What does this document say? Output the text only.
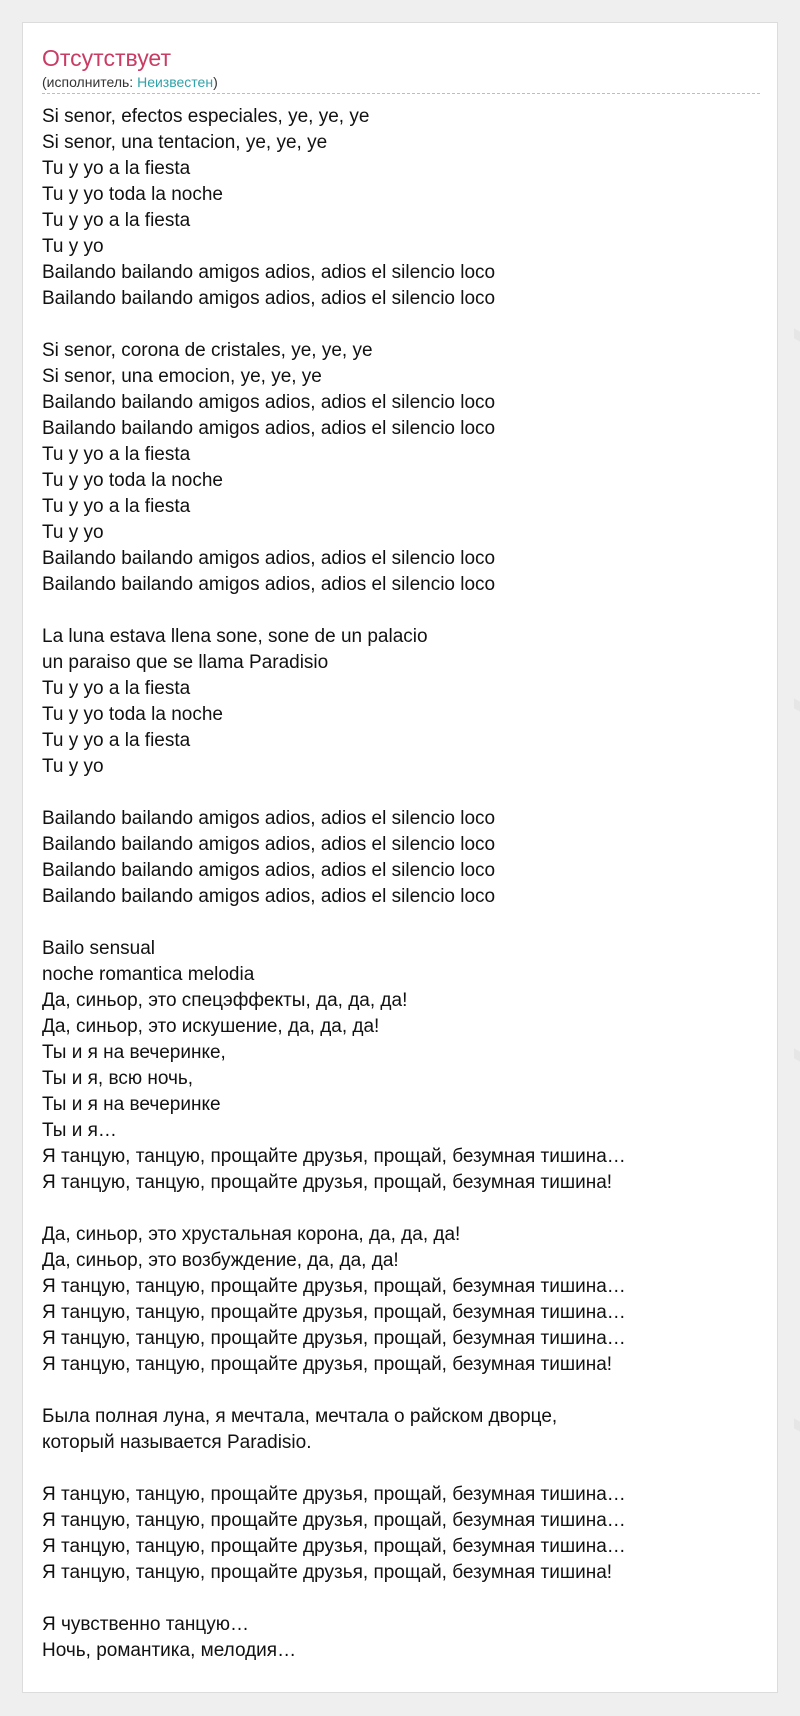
Отсутствует
(исполнитель: Неизвестен)
Si senor, efectos especiales, ye, ye, ye
Si senor, una tentacion, ye, ye, ye
Tu y yo a la fiesta
Tu y yo toda la noche
Tu y yo a la fiesta
Tu y yo
Bailando bailando amigos adios, adios el silencio loco
Bailando bailando amigos adios, adios el silencio loco
Si senor, corona de cristales, ye, ye, ye
Si senor, una emocion, ye, ye, ye
Bailando bailando amigos adios, adios el silencio loco
Bailando bailando amigos adios, adios el silencio loco
Tu y yo a la fiesta
Tu y yo toda la noche
Tu y yo a la fiesta
Tu y yo
Bailando bailando amigos adios, adios el silencio loco
Bailando bailando amigos adios, adios el silencio loco
La luna estava llena sone, sone de un palacio
un paraiso que se llama Paradisio
Tu y yo a la fiesta
Tu y yo toda la noche
Tu y yo a la fiesta
Tu y yo
Bailando bailando amigos adios, adios el silencio loco
Bailando bailando amigos adios, adios el silencio loco
Bailando bailando amigos adios, adios el silencio loco
Bailando bailando amigos adios, adios el silencio loco
Bailo sensual
noche romantica melodia
Да, синьор, это спецэффекты, да, да, да!
Да, синьор, это искушение, да, да, да!
Ты и я на вечеринке,
Ты и я, всю ночь,
Ты и я на вечеринке
Ты и я…
Я танцую, танцую, прощайте друзья, прощай, безумная тишина…
Я танцую, танцую, прощайте друзья, прощай, безумная тишина!
Да, синьор, это хрустальная корона, да, да, да!
Да, синьор, это возбуждение, да, да, да!
Я танцую, танцую, прощайте друзья, прощай, безумная тишина…
Я танцую, танцую, прощайте друзья, прощай, безумная тишина…
Я танцую, танцую, прощайте друзья, прощай, безумная тишина…
Я танцую, танцую, прощайте друзья, прощай, безумная тишина!
Была полная луна, я мечтала, мечтала о райском дворце,
который называется Paradisio.
Я танцую, танцую, прощайте друзья, прощай, безумная тишина…
Я танцую, танцую, прощайте друзья, прощай, безумная тишина…
Я танцую, танцую, прощайте друзья, прощай, безумная тишина…
Я танцую, танцую, прощайте друзья, прощай, безумная тишина!
Я чувственно танцую…
Ночь, романтика, мелодия…
